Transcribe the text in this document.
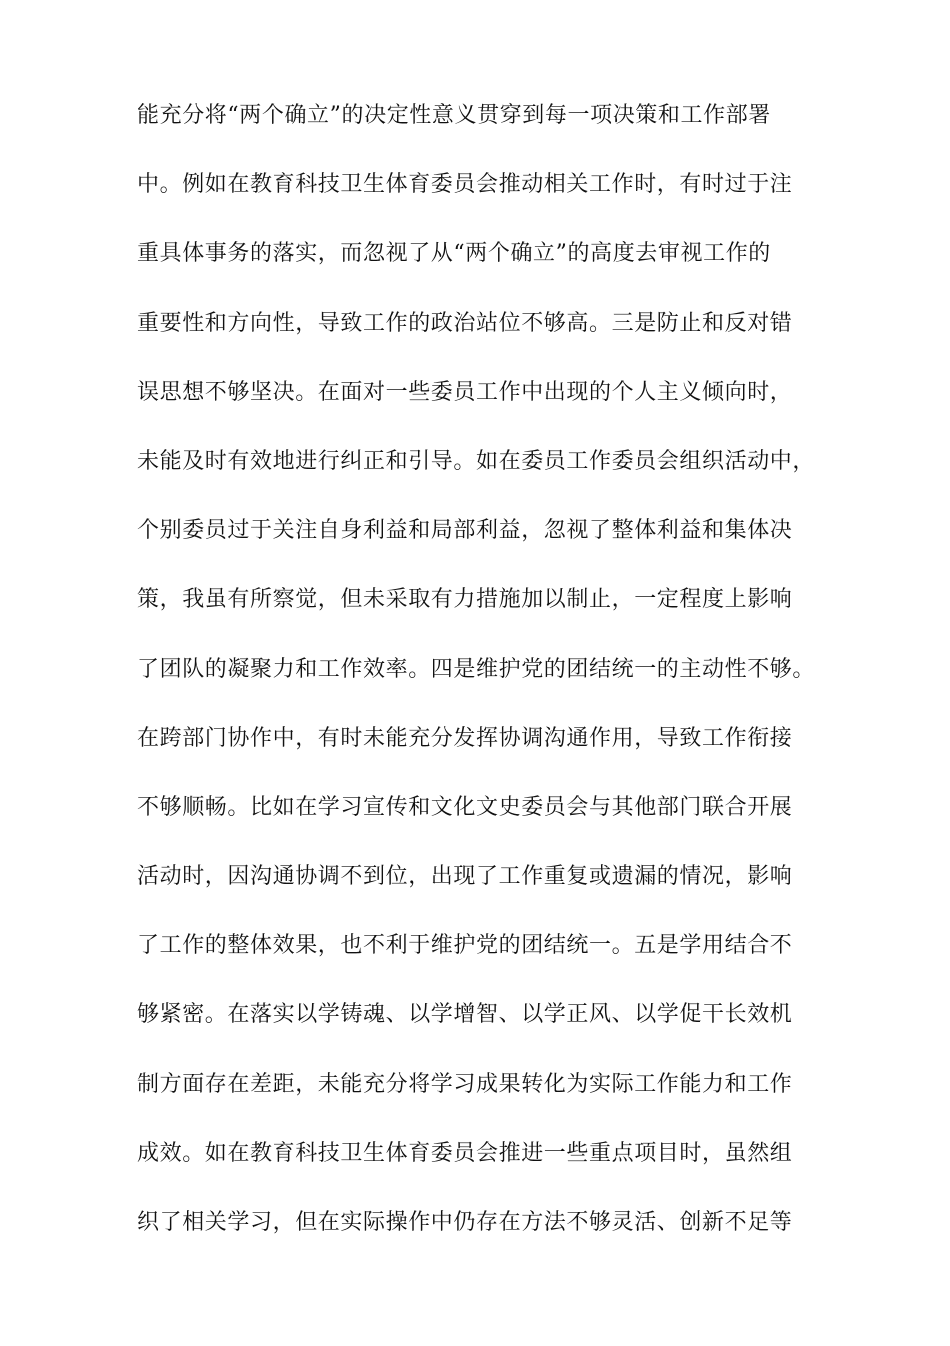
能充分将“两个确立”的决定性意义贯穿到每一项决策和工作部署
中。例如在教育科技卫生体育委员会推动相关工作时，有时过于注
重具体事务的落实，而忽视了从“两个确立”的高度去审视工作的
重要性和方向性，导致工作的政治站位不够高。三是防止和反对错
误思想不够坚决。在面对一些委员工作中出现的个人主义倾向时，
未能及时有效地进行纠正和引导。如在委员工作委员会组织活动中，
个别委员过于关注自身利益和局部利益，忽视了整体利益和集体决
策，我虽有所察觉，但未采取有力措施加以制止，一定程度上影响
了团队的凝聚力和工作效率。四是维护党的团结统一的主动性不够。
在跨部门协作中，有时未能充分发挥协调沟通作用，导致工作衔接
不够顺畅。比如在学习宣传和文化文史委员会与其他部门联合开展
活动时，因沟通协调不到位，出现了工作重复或遗漏的情况，影响
了工作的整体效果，也不利于维护党的团结统一。五是学用结合不
够紧密。在落实以学铸魂、以学增智、以学正风、以学促干长效机
制方面存在差距，未能充分将学习成果转化为实际工作能力和工作
成效。如在教育科技卫生体育委员会推进一些重点项目时，虽然组
织了相关学习，但在实际操作中仍存在方法不够灵活、创新不足等
